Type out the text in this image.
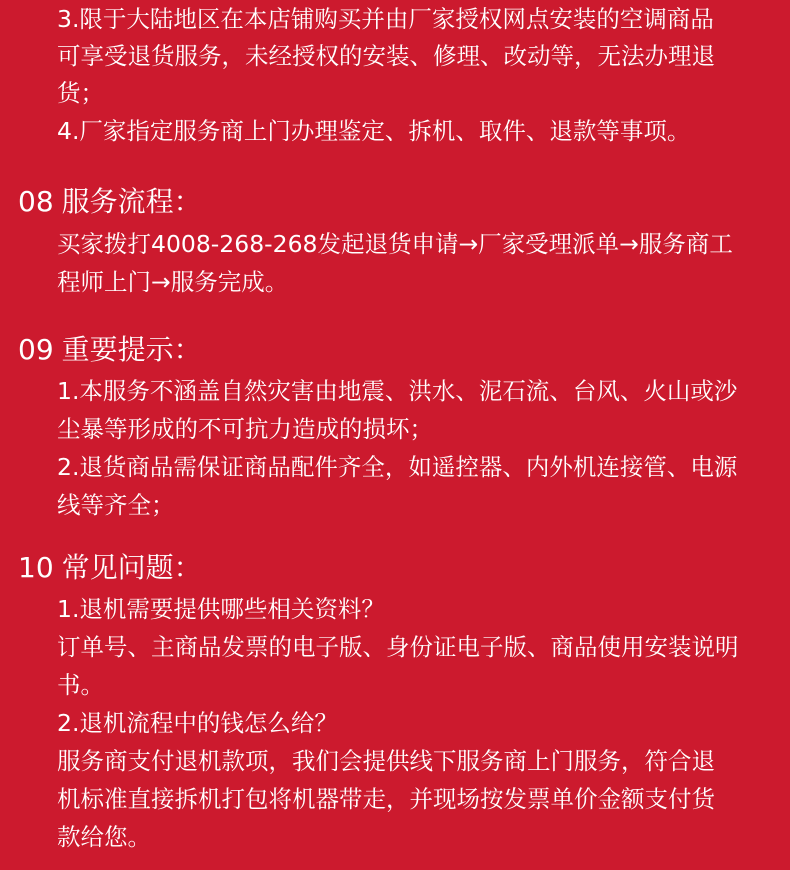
3.限于大陆地区在本店铺购买并由厂家授权网点安装的空调商品
可享受退货服务，未经授权的安装、修理、改动等，无法办理退
货；
4.厂家指定服务商上门办理鉴定、拆机、取件、退款等事项。
08 服务流程：
买家拨打4008-268-268发起退货申请→厂家受理派单→服务商工
程师上门→服务完成。
09 重要提示：
1.本服务不涵盖自然灾害由地震、洪水、泥石流、台风、火山或沙
尘暴等形成的不可抗力造成的损坏；
2.退货商品需保证商品配件齐全，如遥控器、内外机连接管、电源
线等齐全；
10 常见问题：
1.退机需要提供哪些相关资料？
订单号、主商品发票的电子版、身份证电子版、商品使用安装说明
书。
2.退机流程中的钱怎么给？
服务商支付退机款项，我们会提供线下服务商上门服务，符合退
机标准直接拆机打包将机器带走，并现场按发票单价金额支付货
款给您。
